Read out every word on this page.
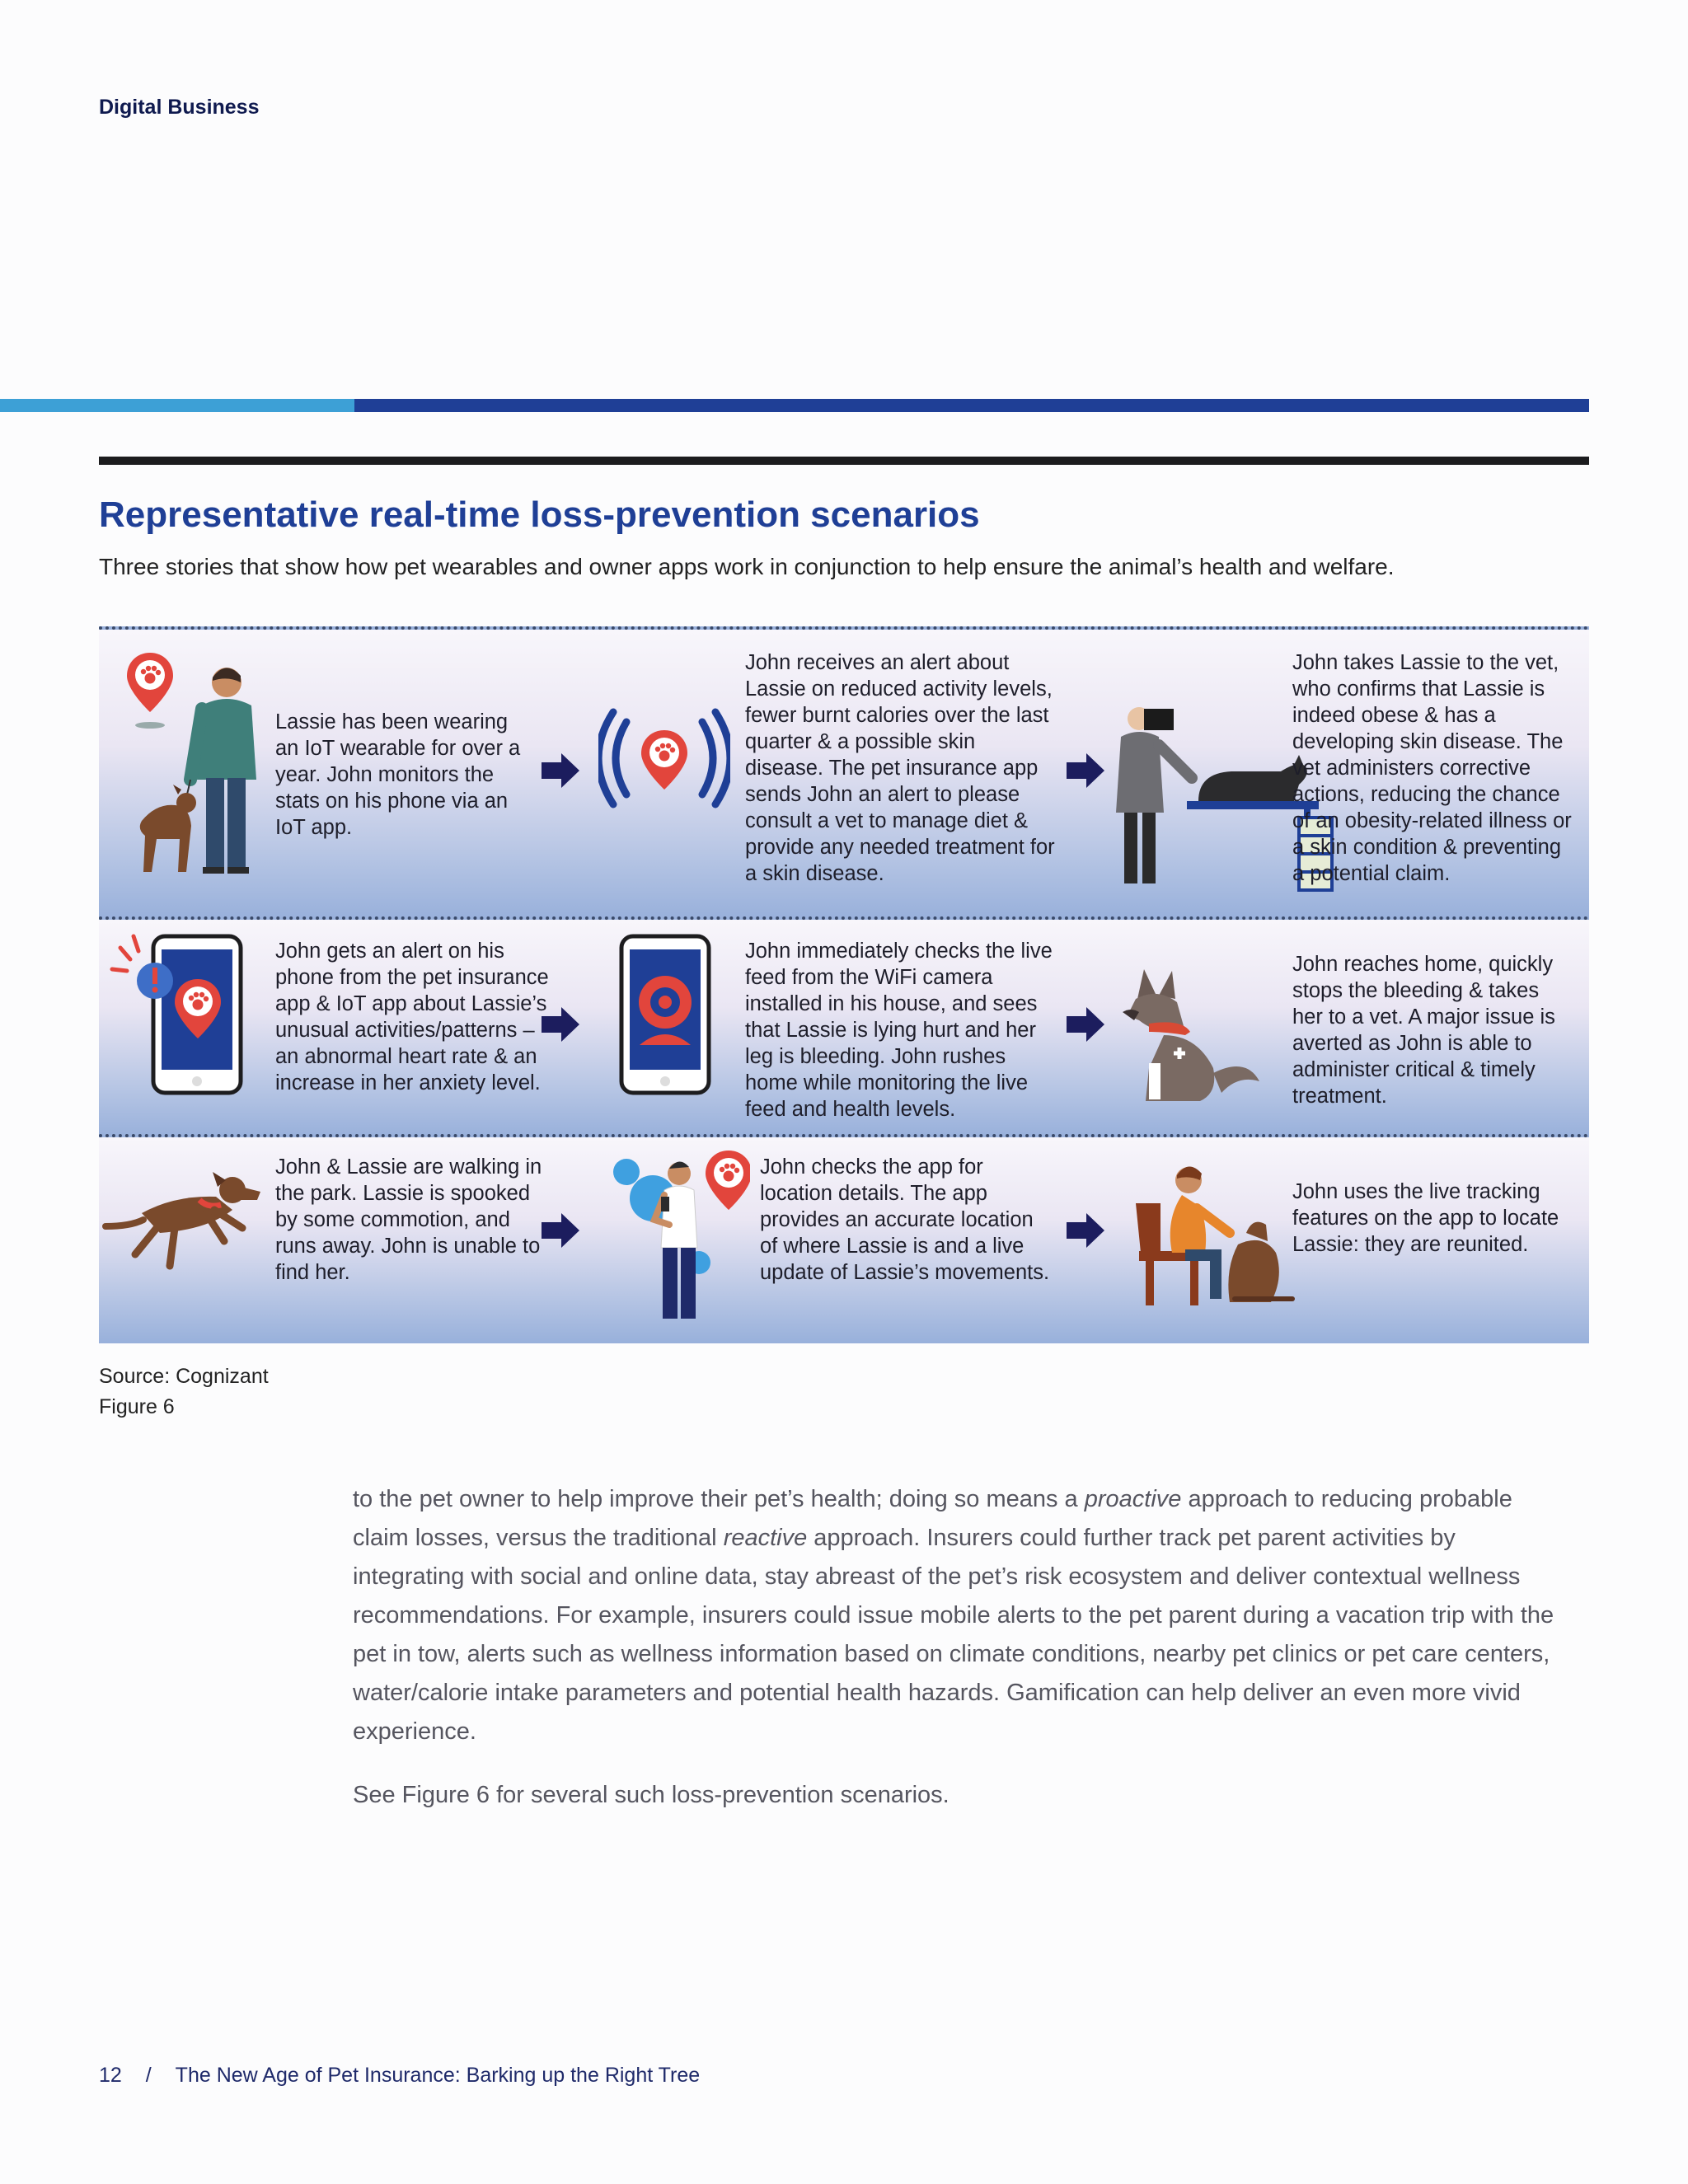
Digital Business
Representative real-time loss-prevention scenarios
Three stories that show how pet wearables and owner apps work in conjunction to help ensure the animal’s health and welfare.
Lassie has been wearing an IoT wearable for over a year. John monitors the stats on his phone via an IoT app.
John receives an alert about Lassie on reduced activity levels, fewer burnt calories over the last quarter & a possible skin disease. The pet insurance app sends John an alert to please consult a vet to manage diet & provide any needed treatment for a skin disease.
John takes Lassie to the vet, who confirms that Lassie is indeed obese & has a developing skin disease. The vet administers corrective actions, reducing the chance of an obesity-related illness or a skin condition & preventing a potential claim.
John gets an alert on his phone from the pet insurance app & IoT app about Lassie’s unusual activities/patterns – an abnormal heart rate & an increase in her anxiety level.
John immediately checks the live feed from the WiFi camera installed in his house, and sees that Lassie is lying hurt and her leg is bleeding. John rushes home while monitoring the live feed and health levels.
John reaches home, quickly stops the bleeding & takes her to a vet. A major issue is averted as John is able to administer critical & timely treatment.
John & Lassie are walking in the park. Lassie is spooked by some commotion, and runs away. John is unable to find her.
John checks the app for location details. The app provides an accurate location of where Lassie is and a live update of Lassie’s movements.
John uses the live tracking features on the app to locate Lassie: they are reunited.
Source: Cognizant
Figure 6
to the pet owner to help improve their pet’s health; doing so means a proactive approach to reducing probable claim losses, versus the traditional reactive approach. Insurers could further track pet parent activities by integrating with social and online data, stay abreast of the pet’s risk ecosystem and deliver contextual wellness recommendations. For example, insurers could issue mobile alerts to the pet parent during a vacation trip with the pet in tow, alerts such as wellness information based on climate conditions, nearby pet clinics or pet care centers, water/calorie intake parameters and potential health hazards. Gamification can help deliver an even more vivid experience.
See Figure 6 for several such loss-prevention scenarios.
12 / The New Age of Pet Insurance: Barking up the Right Tree
